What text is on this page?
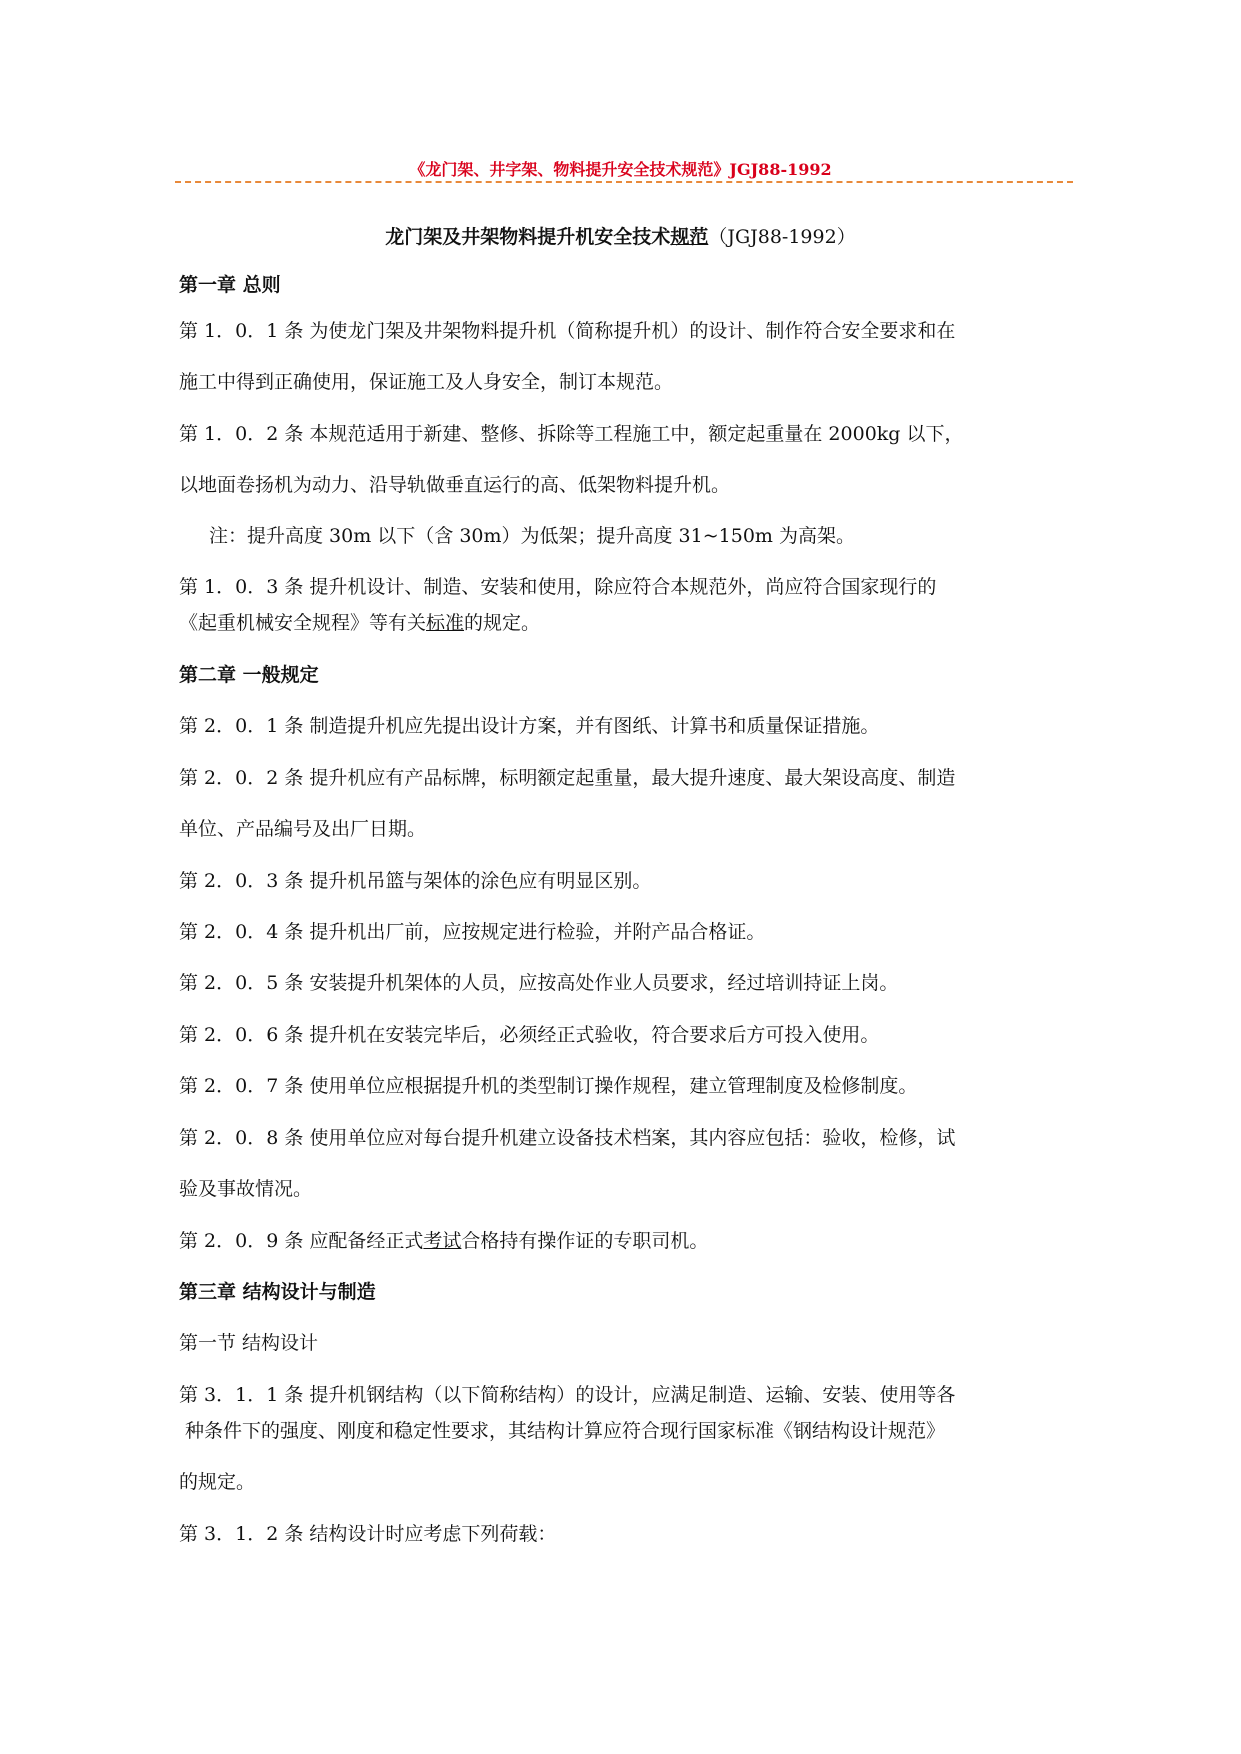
《龙门架、井字架、物料提升安全技术规范》JGJ88-1992
龙门架及井架物料提升机安全技术规范（JGJ88-1992）
第一章 总则
第 1．0．1 条 为使龙门架及井架物料提升机（简称提升机）的设计、制作符合安全要求和在
施工中得到正确使用，保证施工及人身安全，制订本规范。
第 1．0．2 条 本规范适用于新建、整修、拆除等工程施工中，额定起重量在 2000kg 以下，
以地面卷扬机为动力、沿导轨做垂直运行的高、低架物料提升机。
注：提升高度 30m 以下（含 30m）为低架；提升高度 31~150m 为高架。
第 1．0．3 条 提升机设计、制造、安装和使用，除应符合本规范外，尚应符合国家现行的
《起重机械安全规程》等有关标准的规定。
第二章 一般规定
第 2．0．1 条 制造提升机应先提出设计方案，并有图纸、计算书和质量保证措施。
第 2．0．2 条 提升机应有产品标牌，标明额定起重量，最大提升速度、最大架设高度、制造
单位、产品编号及出厂日期。
第 2．0．3 条 提升机吊篮与架体的涂色应有明显区别。
第 2．0．4 条 提升机出厂前，应按规定进行检验，并附产品合格证。
第 2．0．5 条 安装提升机架体的人员，应按高处作业人员要求，经过培训持证上岗。
第 2．0．6 条 提升机在安装完毕后，必须经正式验收，符合要求后方可投入使用。
第 2．0．7 条 使用单位应根据提升机的类型制订操作规程，建立管理制度及检修制度。
第 2．0．8 条 使用单位应对每台提升机建立设备技术档案，其内容应包括：验收，检修，试
验及事故情况。
第 2．0．9 条 应配备经正式考试合格持有操作证的专职司机。
第三章 结构设计与制造
第一节 结构设计
第 3．1．1 条 提升机钢结构（以下简称结构）的设计，应满足制造、运输、安装、使用等各
种条件下的强度、刚度和稳定性要求，其结构计算应符合现行国家标准《钢结构设计规范》
的规定。
第 3．1．2 条 结构设计时应考虑下列荷载：
